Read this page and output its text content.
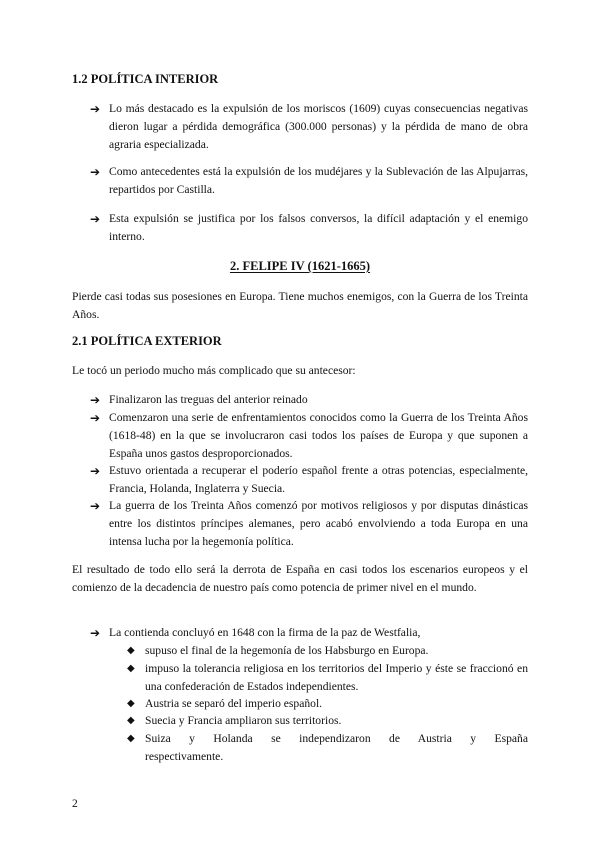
1.2 POLÍTICA INTERIOR
➔ Lo más destacado es la expulsión de los moriscos (1609) cuyas consecuencias negativas dieron lugar a pérdida demográfica (300.000 personas) y la pérdida de mano de obra agraria especializada.
➔ Como antecedentes está la expulsión de los mudéjares y la Sublevación de las Alpujarras, repartidos por Castilla.
➔ Esta expulsión se justifica por los falsos conversos, la difícil adaptación y el enemigo interno.
2. FELIPE IV (1621-1665)
Pierde casi todas sus posesiones en Europa. Tiene muchos enemigos, con la Guerra de los Treinta Años.
2.1 POLÍTICA EXTERIOR
Le tocó un periodo mucho más complicado que su antecesor:
➔ Finalizaron las treguas del anterior reinado
➔ Comenzaron una serie de enfrentamientos conocidos como la Guerra de los Treinta Años (1618-48) en la que se involucraron casi todos los países de Europa y que suponen a España unos gastos desproporcionados.
➔ Estuvo orientada a recuperar el poderío español frente a otras potencias, especialmente, Francia, Holanda, Inglaterra y Suecia.
➔ La guerra de los Treinta Años comenzó por motivos religiosos y por disputas dinásticas entre los distintos príncipes alemanes, pero acabó envolviendo a toda Europa en una intensa lucha por la hegemonía política.
El resultado de todo ello será la derrota de España en casi todos los escenarios europeos y el comienzo de la decadencia de nuestro país como potencia de primer nivel en el mundo.
➔ La contienda concluyó en 1648 con la firma de la paz de Westfalia,
◆ supuso el final de la hegemonía de los Habsburgo en Europa.
◆ impuso la tolerancia religiosa en los territorios del Imperio y éste se fraccionó en una confederación de Estados independientes.
◆ Austria se separó del imperio español.
◆ Suecia y Francia ampliaron sus territorios.
◆ Suiza y Holanda se independizaron de Austria y España respectivamente.
2
